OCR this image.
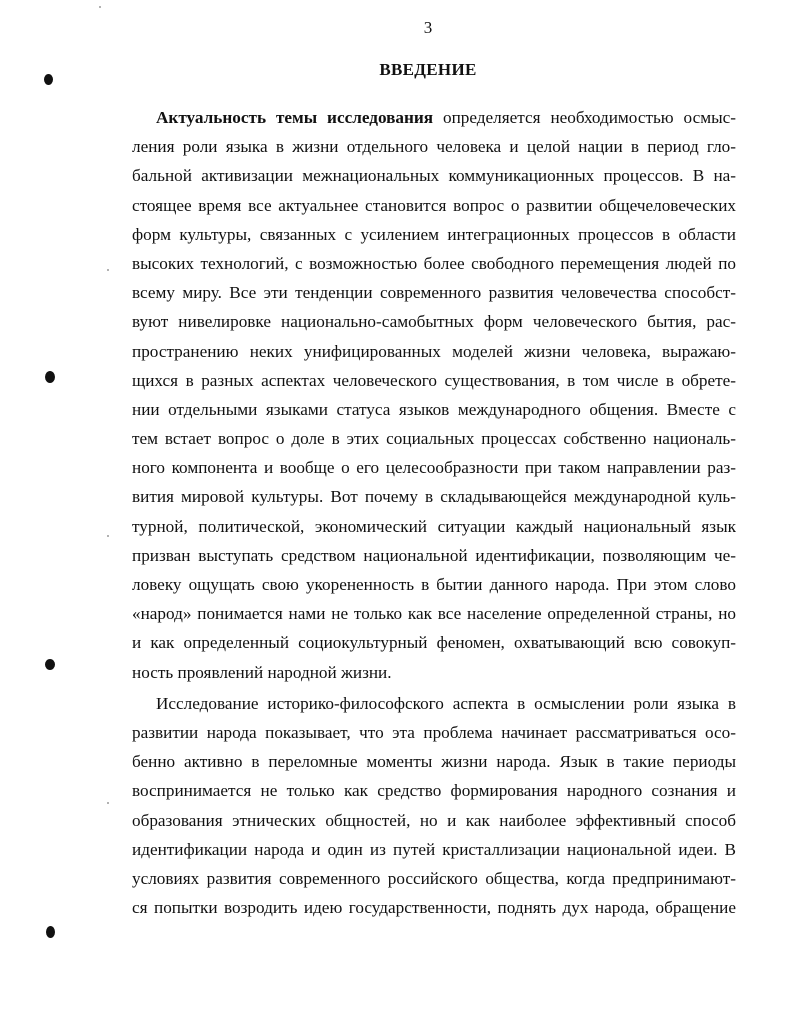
3
ВВЕДЕНИЕ
Актуальность темы исследования определяется необходимостью осмыс-
ления роли языка в жизни отдельного человека и целой нации в период гло-
бальной активизации межнациональных коммуникационных процессов. В на-
стоящее время все актуальнее становится вопрос о развитии общечеловеческих
форм культуры, связанных с усилением интеграционных процессов в области
высоких технологий, с возможностью более свободного перемещения людей по
всему миру. Все эти тенденции современного развития человечества способст-
вуют нивелировке национально-самобытных форм человеческого бытия, рас-
пространению неких унифицированных моделей жизни человека, выражаю-
щихся в разных аспектах человеческого существования, в том числе в обрете-
нии отдельными языками статуса языков международного общения. Вместе с
тем встает вопрос о доле в этих социальных процессах собственно националь-
ного компонента и вообще о его целесообразности при таком направлении раз-
вития мировой культуры. Вот почему в складывающейся международной куль-
турной, политической, экономический ситуации каждый национальный язык
призван выступать средством национальной идентификации, позволяющим че-
ловеку ощущать свою укорененность в бытии данного народа. При этом слово
«народ» понимается нами не только как все население определенной страны, но
и как определенный социокультурный феномен, охватывающий всю совокуп-
ность проявлений народной жизни.
Исследование историко-философского аспекта в осмыслении роли языка в
развитии народа показывает, что эта проблема начинает рассматриваться осо-
бенно активно в переломные моменты жизни народа. Язык в такие периоды
воспринимается не только как средство формирования народного сознания и
образования этнических общностей, но и как наиболее эффективный способ
идентификации народа и один из путей кристаллизации национальной идеи. В
условиях развития современного российского общества, когда предпринимают-
ся попытки возродить идею государственности, поднять дух народа, обращение
